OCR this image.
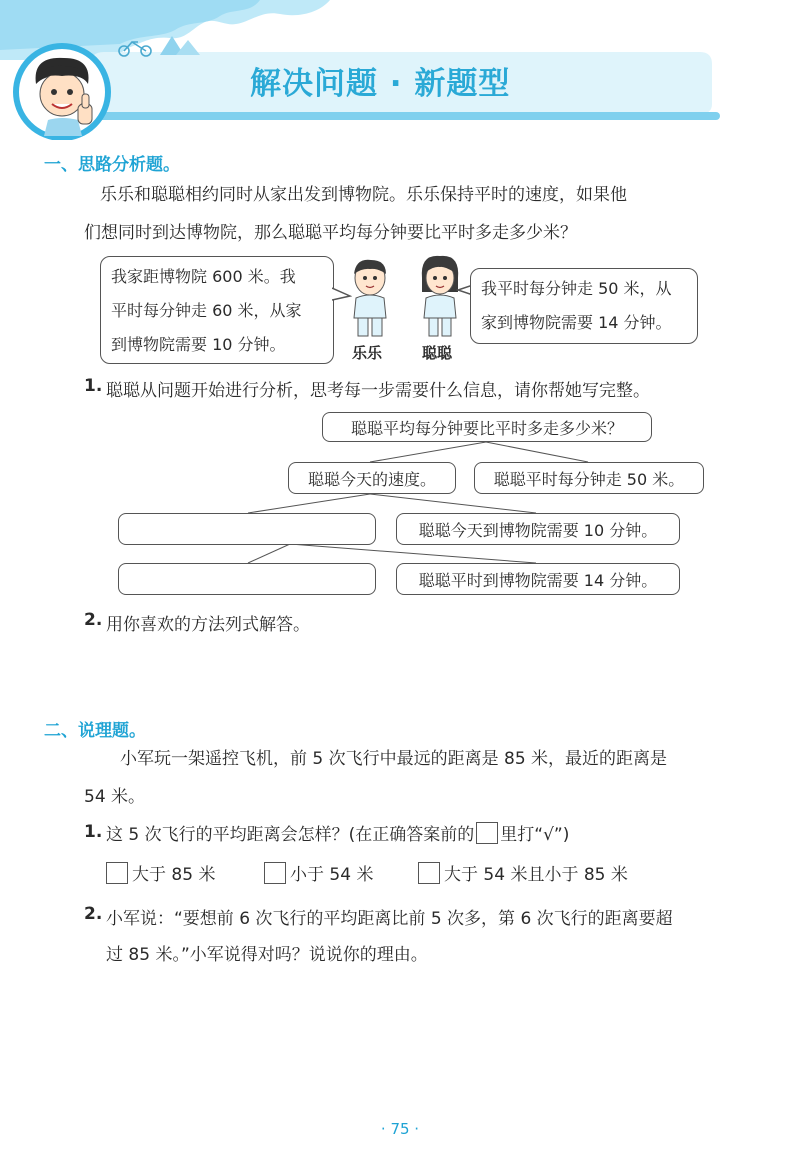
解决问题 · 新题型
一、思路分析题。
乐乐和聪聪相约同时从家出发到博物院。乐乐保持平时的速度，如果他
们想同时到达博物院，那么聪聪平均每分钟要比平时多走多少米？
我家距博物院 600 米。我
平时每分钟走 60 米，从家
到博物院需要 10 分钟。	乐乐	聪聪
我平时每分钟走 50 米，从
家到博物院需要 14 分钟。
1. 聪聪从问题开始进行分析，思考每一步需要什么信息，请你帮她写完整。
聪聪平均每分钟要比平时多走多少米？
聪聪今天的速度。	聪聪平时每分钟走 50 米。
聪聪今天到博物院需要 10 分钟。
聪聪平时到博物院需要 14 分钟。
2. 用你喜欢的方法列式解答。
二、说理题。
小军玩一架遥控飞机，前 5 次飞行中最远的距离是 85 米，最近的距离是
54 米。
1. 这 5 次飞行的平均距离会怎样？(在正确答案前的 里打“√”)
大于 85 米	小于 54 米	大于 54 米且小于 85 米
2. 小军说：“要想前 6 次飞行的平均距离比前 5 次多，第 6 次飞行的距离要超
过 85 米。”小军说得对吗？说说你的理由。
· 75 ·
